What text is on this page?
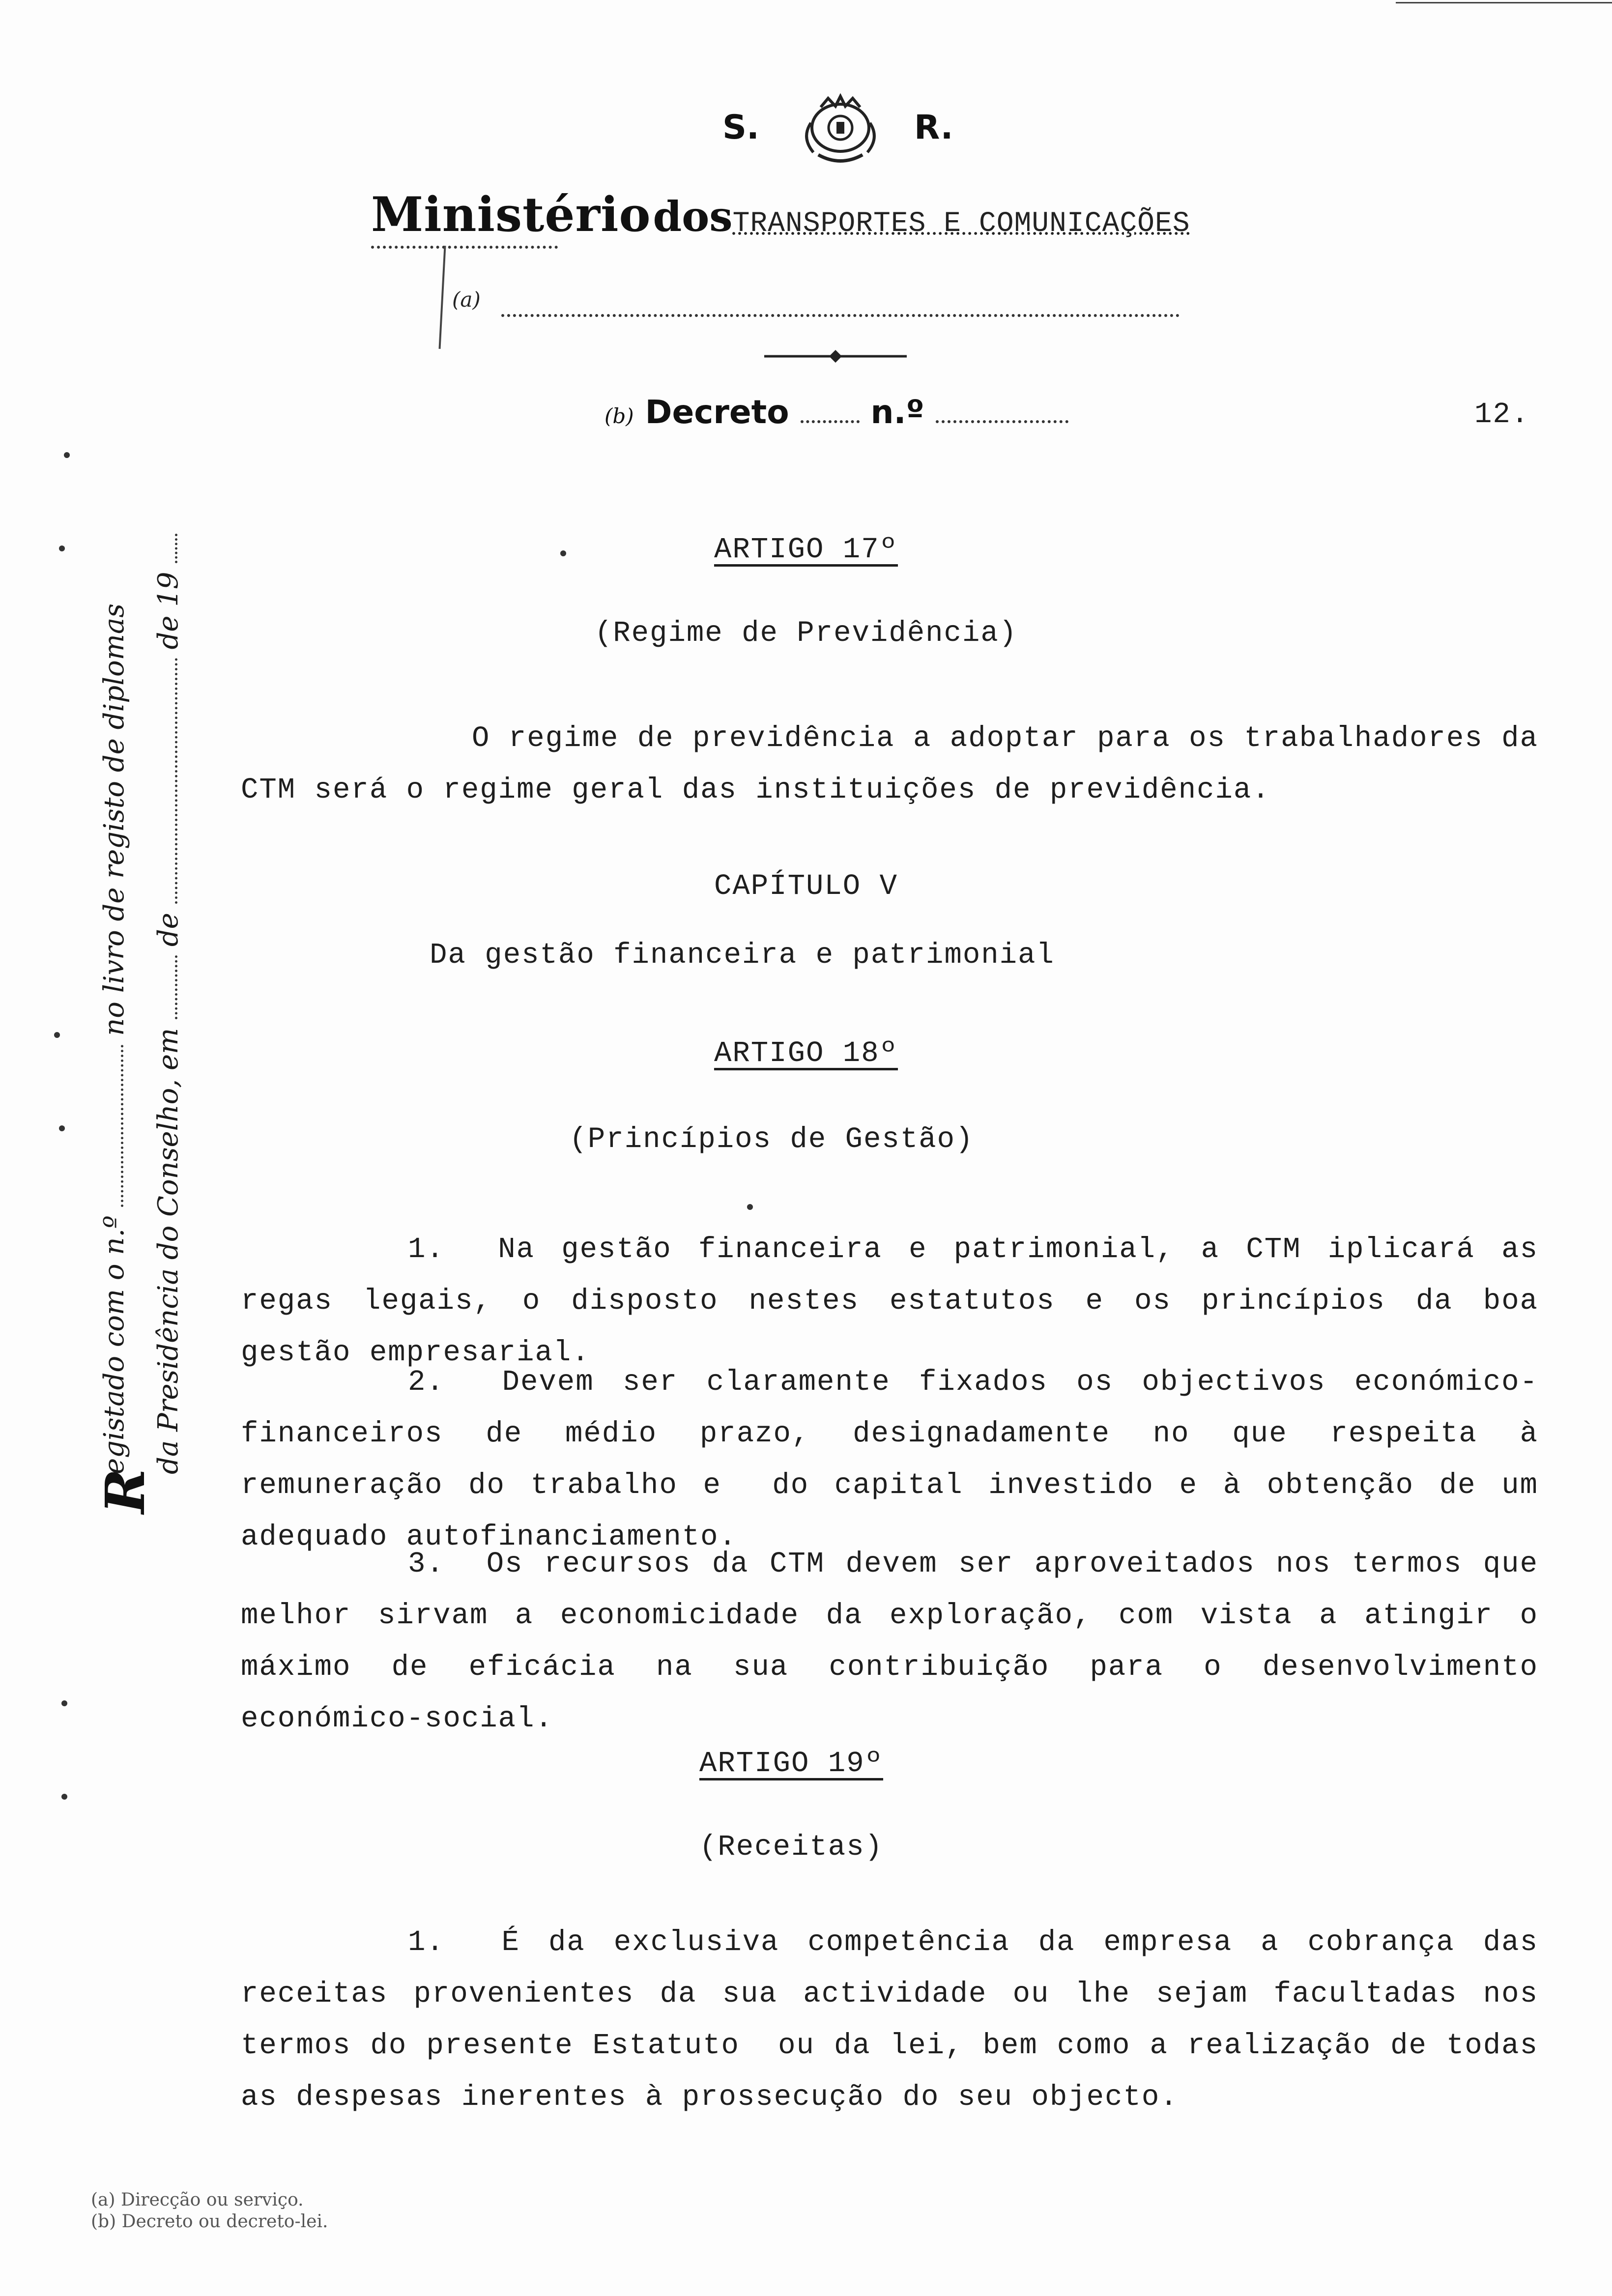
S.	R.
Ministério dosTRANSPORTES E COMUNICAÇÕES
(a)
(b) Decreto	n.º	12.
ARTIGO 17º
(Regime de Previdência)
O regime de previdência a adoptar para os trabalhadores da CTM será o regime geral das instituições de previdência.
CAPÍTULO V
Da gestão financeira e patrimonial
ARTIGO 18º
(Princípios de Gestão)
1.  Na gestão financeira e patrimonial, a CTM iplicará as regas legais, o disposto nestes estatutos e os princípios da boa gestão empresarial.
2.  Devem ser claramente fixados os objectivos económico-financeiros de médio prazo, designadamente no que respeita à remuneração do trabalho e  do capital investido e à obtenção de um adequado autofinanciamento.
3.  Os recursos da CTM devem ser aproveitados nos termos que melhor sirvam a economicidade da exploração, com vista a atingir o máximo de eficácia na sua contribuição para o desenvolvimento económico-social.
ARTIGO 19º
(Receitas)
1.  É da exclusiva competência da empresa a cobrança das receitas provenientes da sua actividade ou lhe sejam facultadas nos termos do presente Estatuto  ou da lei, bem como a realização de todas as despesas inerentes à prossecução do seu objecto.
R
egistado com o n.º  no livro de registo de diplomas
da Presidência do Conselho, em  de  de 19
(a) Direcção ou serviço.
(b) Decreto ou decreto-lei.
